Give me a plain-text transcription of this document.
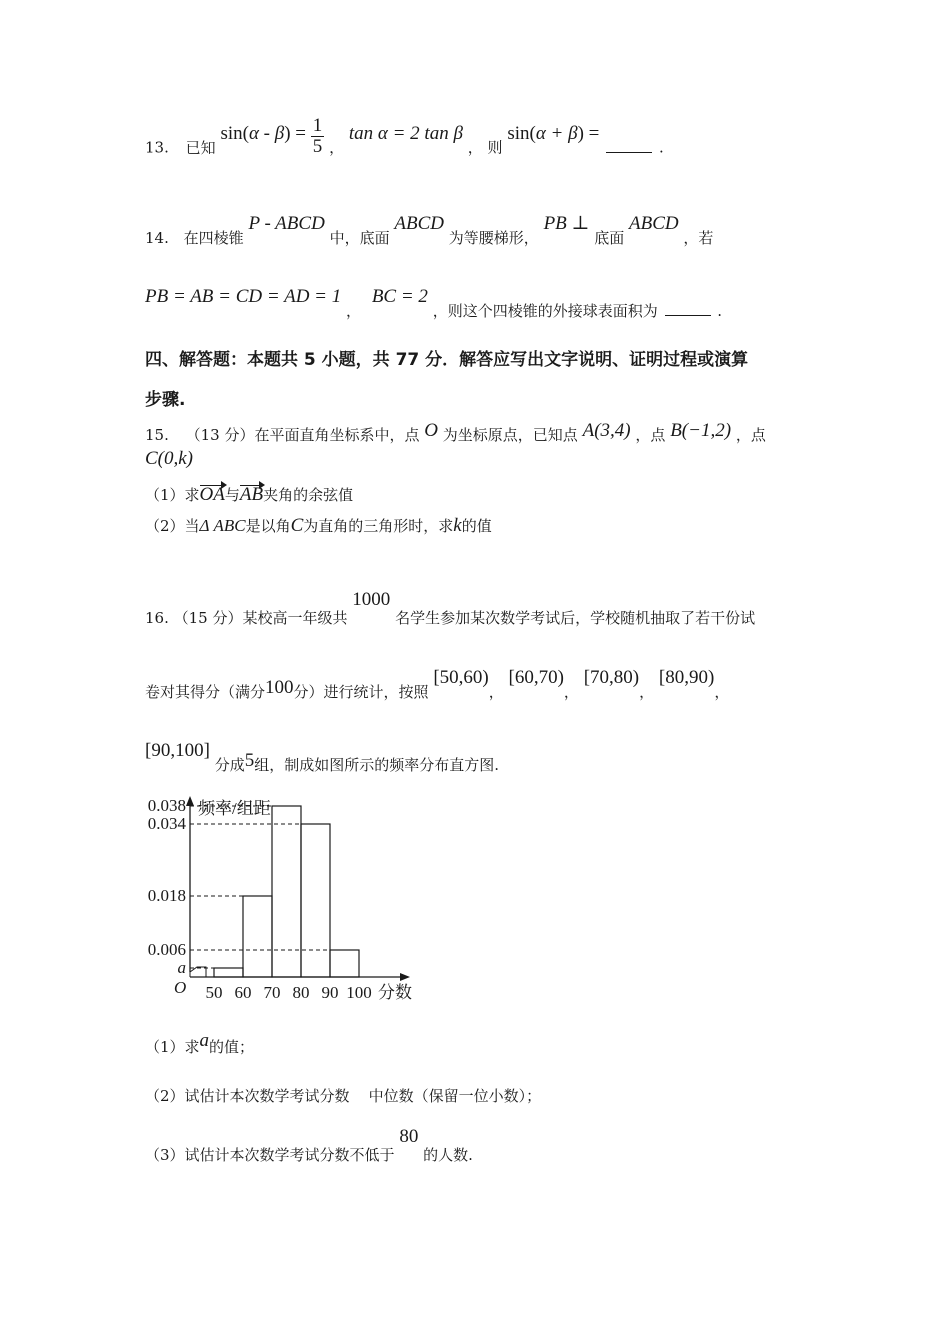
13. 已知 $\sin(\alpha - \beta) = \frac{1}{5}$ ， tan α = 2 tan β ， 则 sin(α + β) =  .
14. 在四棱锥 P - ABCD 中，底面 ABCD 为等腰梯形， PB ⊥ 底面 ABCD ，若
PB = AB = CD = AD = 1 ， BC = 2 ，则这个四棱锥的外接球表面积为	.
四、解答题：本题共 5 小题，共 77 分．解答应写出文字说明、证明过程或演算
步骤.
15. （13 分）在平面直角坐标系中，点 O 为坐标原点，已知点 A(3,4) ，点 B(−1,2) ，点
C(0,k)
（1）求OA与AB夹角的余弦值
（2）当Δ ABC是以角C为直角的三角形时，求k的值
16. （15 分）某校高一年级共 1000 名学生参加某次数学考试后，学校随机抽取了若干份试
卷对其得分（满分100分）进行统计，按照 [50,60)， [60,70)， [70,80)， [80,90)，
[90,100] 分成5组，制成如图所示的频率分布直方图.
频率/组距
分数
O
a
0.006
0.018
0.034
0.038
50 60 70 80 90 100
（1）求a的值；
（2）试估计本次数学考试分数    中位数（保留一位小数）；
（3）试估计本次数学考试分数不低于 80 的人数.
